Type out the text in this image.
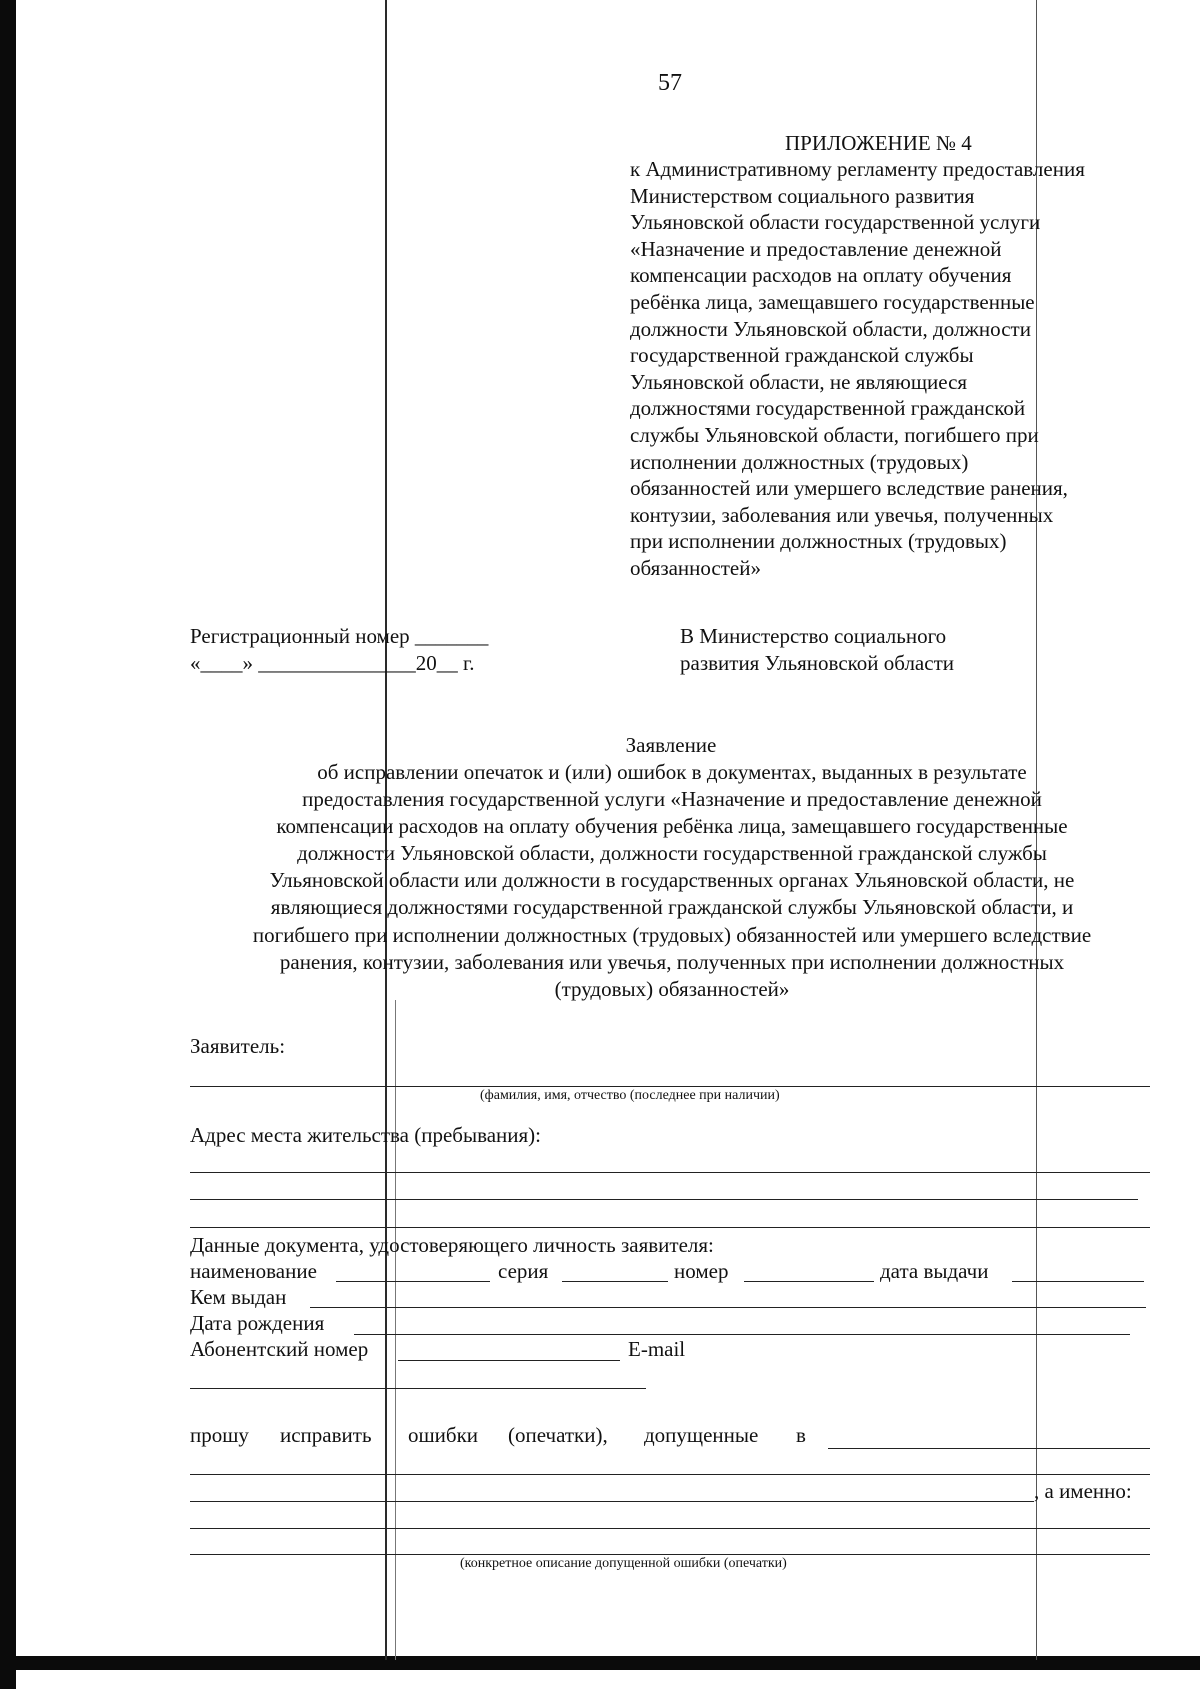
57
ПРИЛОЖЕНИЕ № 4
к Административному регламенту предоставления
Министерством социального развития
Ульяновской области государственной услуги
«Назначение и предоставление денежной
компенсации расходов на оплату обучения
ребёнка лица, замещавшего государственные
должности Ульяновской области, должности
государственной гражданской службы
Ульяновской области, не являющиеся
должностями государственной гражданской
службы Ульяновской области, погибшего при
исполнении должностных (трудовых)
обязанностей или умершего вследствие ранения,
контузии, заболевания или увечья, полученных
при исполнении должностных (трудовых)
обязанностей»
Регистрационный номер _______
«____» _______________20__ г.
В Министерство социального
развития Ульяновской области
Заявление
об исправлении опечаток и (или) ошибок в документах, выданных в результате
предоставления государственной услуги «Назначение и предоставление денежной
компенсации расходов на оплату обучения ребёнка лица, замещавшего государственные
должности Ульяновской области, должности государственной гражданской службы
Ульяновской области или должности в государственных органах Ульяновской области, не
являющиеся должностями государственной гражданской службы Ульяновской области, и
погибшего при исполнении должностных (трудовых) обязанностей или умершего вследствие
ранения, контузии, заболевания или увечья, полученных при исполнении должностных
(трудовых) обязанностей»
Заявитель:
(фамилия, имя, отчество (последнее при наличии)
Адрес места жительства (пребывания):
Данные документа, удостоверяющего личность заявителя:
наименование	серия	номер	дата выдачи
Кем выдан
Дата рождения
Абонентский номер	E-mail
прошу исправить ошибки (опечатки), допущенные в
, а именно:
(конкретное описание допущенной ошибки (опечатки)
